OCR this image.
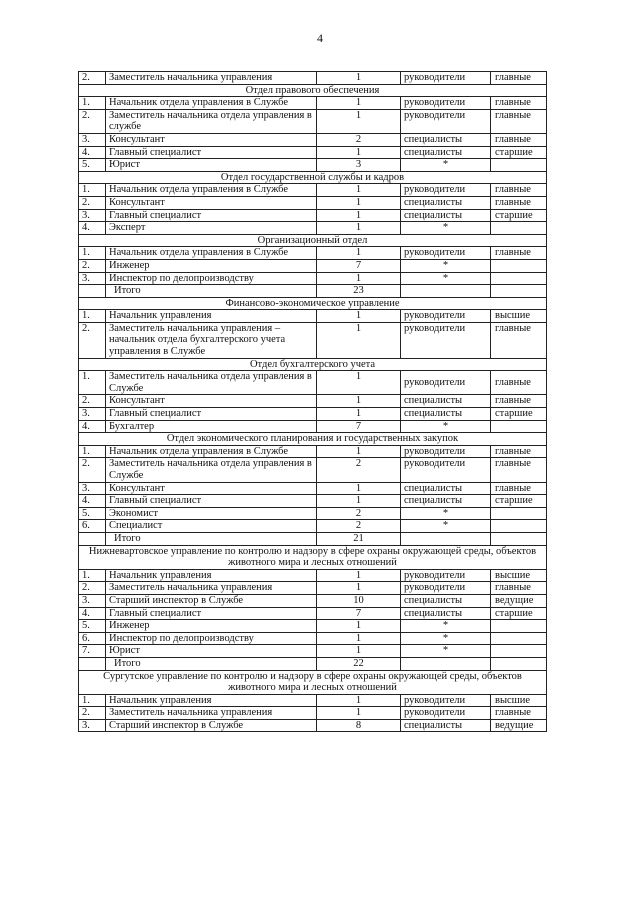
4
2.	Заместитель начальника управления	1	руководители	главные
Отдел правового обеспечения				
1.	Начальник отдела управления в Службе	1	руководители	главные
2.	Заместитель начальника отдела управления в службе	1	руководители	главные
3.	Консультант	2	специалисты	главные
4.	Главный специалист	1	специалисты	старшие
5.	Юрист	3	*	
Отдел государственной службы и кадров				
1.	Начальник отдела управления в Службе	1	руководители	главные
2.	Консультант	1	специалисты	главные
3.	Главный специалист	1	специалисты	старшие
4.	Эксперт	1	*	
Организационный отдел				
1.	Начальник отдела управления в Службе	1	руководители	главные
2.	Инженер	7	*	
3.	Инспектор по делопроизводству	1	*	
	Итого	23		
Финансово-экономическое управление				
1.	Начальник управления	1	руководители	высшие
2.	Заместитель начальника управления – начальник отдела бухгалтерского учета управления в Службе	1	руководители	главные
Отдел бухгалтерского учета				
1.	Заместитель начальника отдела управления в Службе	1	руководители	главные
2.	Консультант	1	специалисты	главные
3.	Главный специалист	1	специалисты	старшие
4.	Бухгалтер	7	*	
Отдел экономического планирования и государственных закупок				
1.	Начальник отдела управления в Службе	1	руководители	главные
2.	Заместитель начальника отдела управления в Службе	2	руководители	главные
3.	Консультант	1	специалисты	главные
4.	Главный специалист	1	специалисты	старшие
5.	Экономист	2	*	
6.	Специалист	2	*	
	Итого	21		
Нижневартовское управление по контролю и надзору в сфере охраны окружающей среды, объектов животного мира и лесных отношений				
1.	Начальник управления	1	руководители	высшие
2.	Заместитель начальника управления	1	руководители	главные
3.	Старший инспектор в Службе	10	специалисты	ведущие
4.	Главный специалист	7	специалисты	старшие
5.	Инженер	1	*	
6.	Инспектор по делопроизводству	1	*	
7.	Юрист	1	*	
	Итого	22		
Сургутское управление по контролю и надзору в сфере охраны окружающей среды, объектов животного мира и лесных отношений				
1.	Начальник управления	1	руководители	высшие
2.	Заместитель начальника управления	1	руководители	главные
3.	Старший инспектор в Службе	8	специалисты	ведущие
